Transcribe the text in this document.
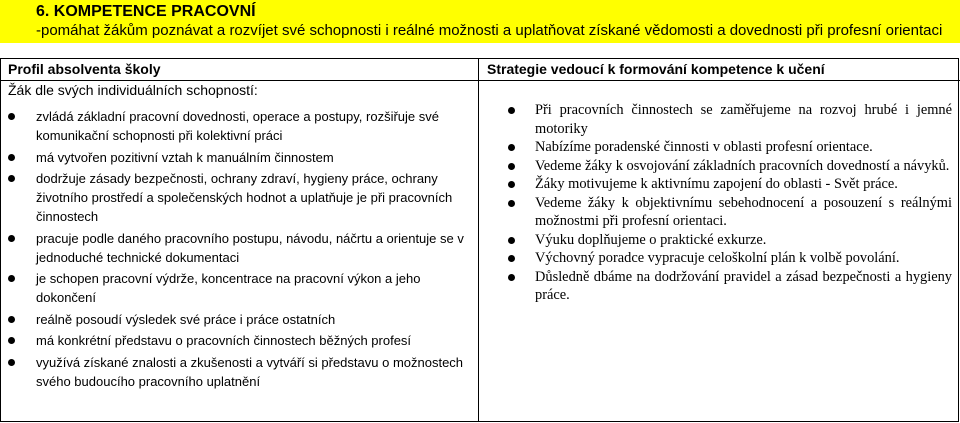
6. KOMPETENCE PRACOVNÍ
-pomáhat žákům poznávat a rozvíjet své schopnosti i reálné možnosti a uplatňovat získané vědomosti a dovednosti při profesní orientaci
Profil absolventa školy	Strategie vedoucí k formování kompetence k učení
Žák dle svých individuálních schopností:
zvládá základní pracovní dovednosti, operace a postupy, rozšiřuje své komunikační schopnosti při kolektivní práci
má vytvořen pozitivní vztah k manuálním činnostem
dodržuje zásady bezpečnosti, ochrany zdraví, hygieny práce, ochrany životního prostředí a společenských hodnot a uplatňuje je při pracovních činnostech
pracuje podle daného pracovního postupu, návodu, náčrtu a orientuje se v jednoduché technické dokumentaci
je schopen pracovní výdrže, koncentrace na pracovní výkon a jeho dokončení
reálně posoudí výsledek své práce i práce ostatních
má konkrétní představu o pracovních činnostech běžných profesí
využívá získané znalosti a zkušenosti a vytváří si představu o možnostech svého budoucího pracovního uplatnění
Při pracovních činnostech se zaměřujeme na rozvoj hrubé i jemné motoriky
Nabízíme poradenské činnosti v oblasti profesní orientace.
Vedeme žáky k osvojování základních pracovních dovedností a návyků.
Žáky motivujeme k aktivnímu zapojení do oblasti - Svět práce.
Vedeme žáky k objektivnímu sebehodnocení a posouzení s reálnými možnostmi při profesní orientaci.
Výuku doplňujeme o praktické exkurze.
Výchovný poradce vypracuje celoškolní plán k volbě povolání.
Důsledně dbáme na dodržování pravidel a zásad bezpečnosti a hygieny práce.
